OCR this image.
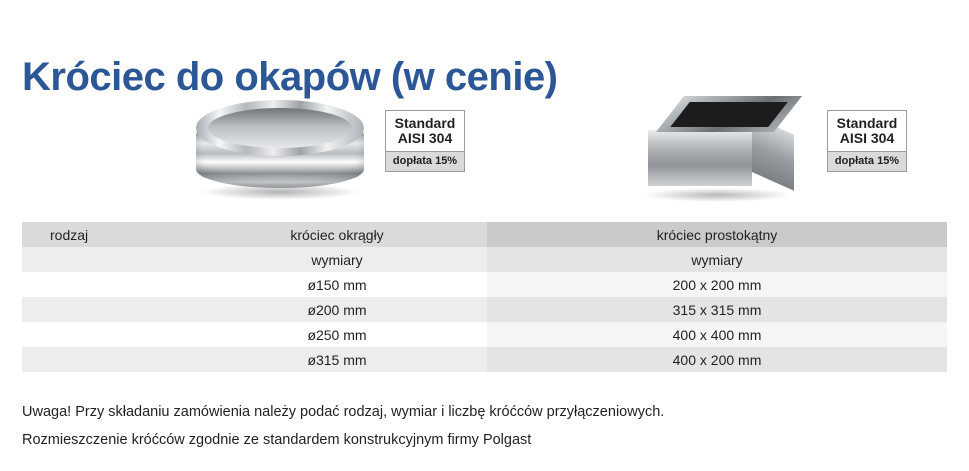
Króciec do okapów (w cenie)
Standard
AISI 304
dopłata 15%
Standard
AISI 304
dopłata 15%
rodzaj	króciec okrągły	króciec prostokątny
	wymiary	wymiary
	ø150 mm	200 x 200 mm
	ø200 mm	315 x 315 mm
	ø250 mm	400 x 400 mm
	ø315 mm	400 x 200 mm
Uwaga! Przy składaniu zamówienia należy podać rodzaj, wymiar i liczbę króćców przyłączeniowych.
Rozmieszczenie króćców zgodnie ze standardem konstrukcyjnym firmy Polgast
